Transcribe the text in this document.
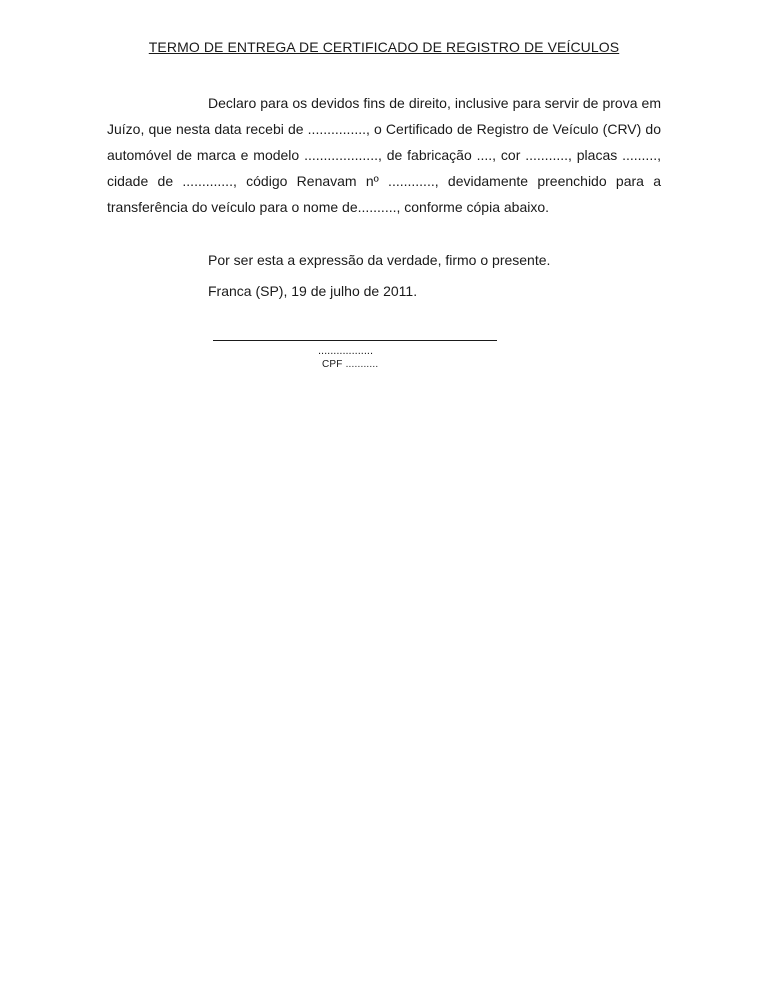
TERMO DE ENTREGA DE CERTIFICADO DE REGISTRO DE VEÍCULOS

Declaro para os devidos fins de direito, inclusive para servir de prova em Juízo, que nesta data recebi de ..............., o Certificado de Registro de Veículo (CRV) do automóvel de marca e modelo ..................., de fabricação ...., cor ..........., placas ........., cidade de ............., código Renavam nº ............, devidamente preenchido para a transferência do veículo para o nome de.........., conforme cópia abaixo.

Por ser esta a expressão da verdade, firmo o presente.
Franca (SP), 19 de julho de 2011.
..................
CPF ...........
